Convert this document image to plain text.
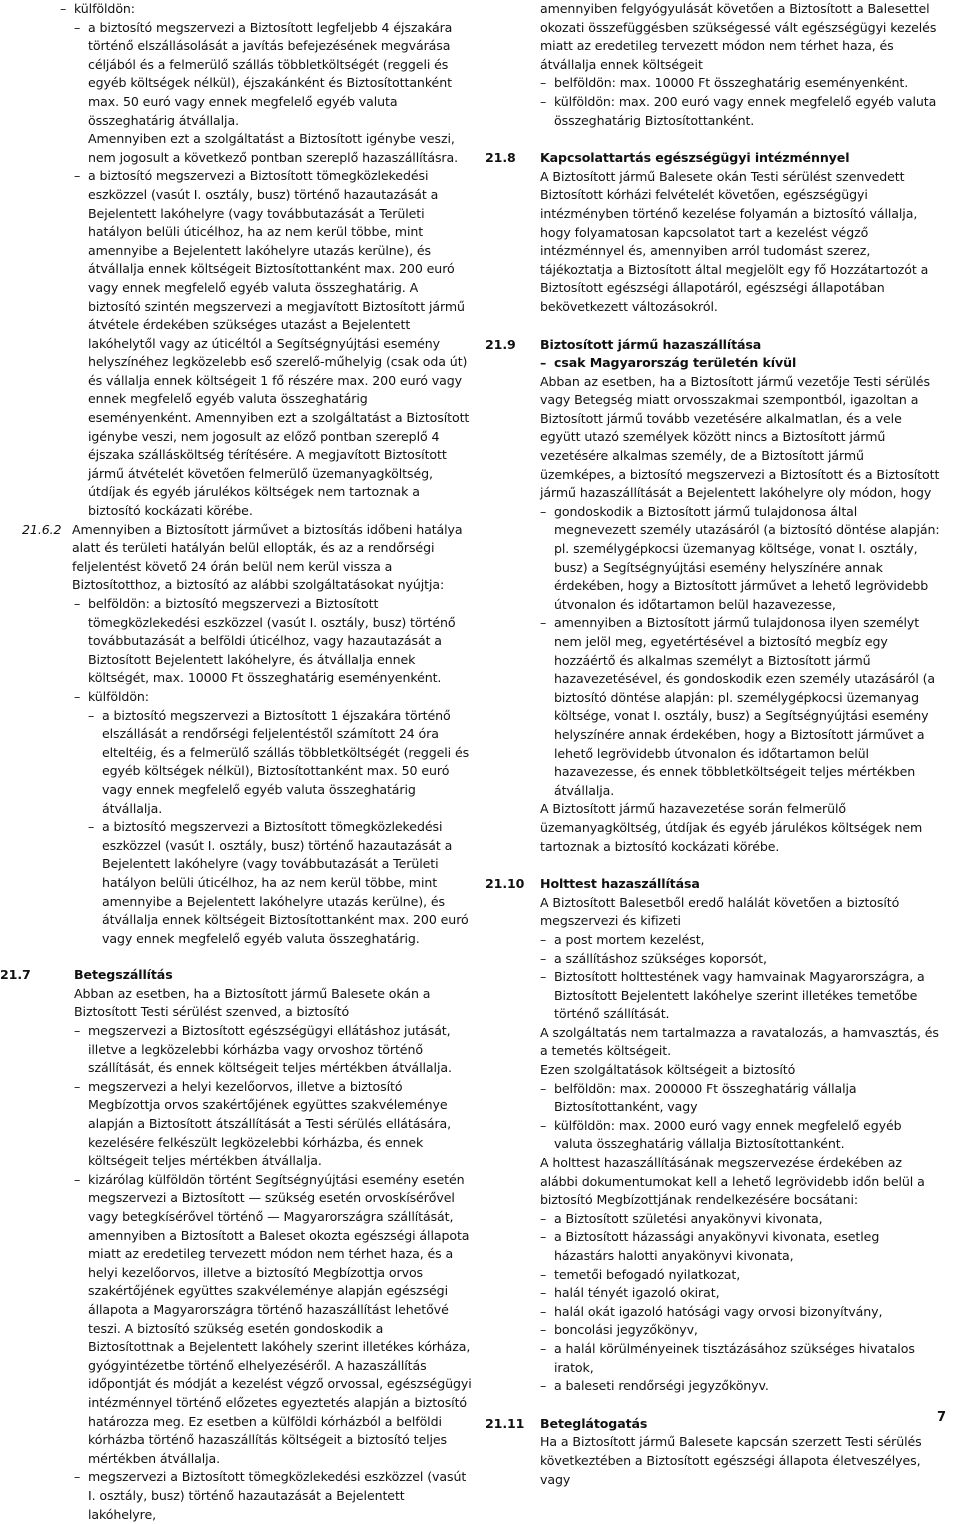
– külföldön:

– a biztosító megszervezi a Biztosított legfeljebb 4 éjszakára történő elszállásolását a javítás befejezésének megvárása céljából és a felmerülő szállás többletköltségét (reggeli és egyéb költségek nélkül), éjszakánként és Biztosítottanként max. 50 euró vagy ennek megfelelő egyéb valuta összeghatárig átvállalja.

Amennyiben ezt a szolgáltatást a Biztosított igénybe veszi, nem jogosult a következő pontban szereplő hazaszállításra.

– a biztosító megszervezi a Biztosított tömegközlekedési eszközzel (vasút I. osztály, busz) történő hazautazását a Bejelentett lakóhelyre (vagy továbbutazását a Területi hatályon belüli úticélhoz, ha az nem kerül többe, mint amennyibe a Bejelentett lakóhelyre utazás kerülne), és átvállalja ennek költségeit Biztosítottanként max. 200 euró vagy ennek megfelelő egyéb valuta összeghatárig. A biztosító szintén megszervezi a megjavított Biztosított jármű átvétele érdekében szükséges utazást a Bejelentett lakóhelytől vagy az úticéltól a Segítségnyújtási esemény helyszínéhez legközelebb eső szerelő-műhelyig (csak oda út) és vállalja ennek költségeit 1 fő részére max. 200 euró vagy ennek megfelelő egyéb valuta összeghatárig eseményenként. Amennyiben ezt a szolgáltatást a Biztosított igénybe veszi, nem jogosult az előző pontban szereplő 4 éjszaka szállásköltség térítésére. A megjavított Biztosított jármű átvételét követően felmerülő üzemanyagköltség, útdíjak és egyéb járulékos költségek nem tartoznak a biztosító kockázati körébe.

21.6.2 Amennyiben a Biztosított járművet a biztosítás időbeni hatálya alatt és területi hatályán belül ellopták, és az a rendőrségi feljelentést követő 24 órán belül nem kerül vissza a Biztosítotthoz, a biztosító az alábbi szolgáltatásokat nyújtja:

– belföldön: a biztosító megszervezi a Biztosított tömegközlekedési eszközzel (vasút I. osztály, busz) történő továbbutazását a belföldi úticélhoz, vagy hazautazását a Biztosított Bejelentett lakóhelyre, és átvállalja ennek költségét, max. 10000 Ft összeghatárig eseményenként.

– külföldön:

– a biztosító megszervezi a Biztosított 1 éjszakára történő elszállását a rendőrségi feljelentéstől számított 24 óra elteltéig, és a felmerülő szállás többletköltségét (reggeli és egyéb költségek nélkül), Biztosítottanként max. 50 euró vagy ennek megfelelő egyéb valuta összeghatárig átvállalja.

– a biztosító megszervezi a Biztosított tömegközlekedési eszközzel (vasút I. osztály, busz) történő hazautazását a Bejelentett lakóhelyre (vagy továbbutazását a Területi hatályon belüli úticélhoz, ha az nem kerül többe, mint amennyibe a Bejelentett lakóhelyre utazás kerülne), és átvállalja ennek költségeit Biztosítottanként max. 200 euró vagy ennek megfelelő egyéb valuta összeghatárig.

21.7	Betegszállítás

Abban az esetben, ha a Biztosított jármű Balesete okán a Biztosított Testi sérülést szenved, a biztosító

– megszervezi a Biztosított egészségügyi ellátáshoz jutását, illetve a legközelebbi kórházba vagy orvoshoz történő szállítását, és ennek költségeit teljes mértékben átvállalja.

– megszervezi a helyi kezelőorvos, illetve a biztosító Megbízottja orvos szakértőjének együttes szakvéleménye alapján a Biztosított átszállítását a Testi sérülés ellátására, kezelésére felkészült legközelebbi kórházba, és ennek költségeit teljes mértékben átvállalja.

– kizárólag külföldön történt Segítségnyújtási esemény esetén megszervezi a Biztosított — szükség esetén orvoskísérővel vagy betegkísérővel történő — Magyarországra szállítását, amennyiben a Biztosított a Baleset okozta egészségi állapota miatt az eredetileg tervezett módon nem térhet haza, és a helyi kezelőorvos, illetve a biztosító Megbízottja orvos szakértőjének együttes szakvéleménye alapján egészségi állapota a Magyarországra történő hazaszállítást lehetővé teszi. A biztosító szükség esetén gondoskodik a Biztosítottnak a Bejelentett lakóhely szerint illetékes kórháza, gyógyintézetbe történő elhelyezéséről. A hazaszállítás időpontját és módját a kezelést végző orvossal, egészségügyi intézménnyel történő előzetes egyeztetés alapján a biztosító határozza meg. Ez esetben a külföldi kórházból a belföldi kórházba történő hazaszállítás költségeit a biztosító teljes mértékben átvállalja.

– megszervezi a Biztosított tömegközlekedési eszközzel (vasút I. osztály, busz) történő hazautazását a Bejelentett lakóhelyre,

amennyiben felgyógyulását követően a Biztosított a Balesettel okozati összefüggésben szükségessé vált egészségügyi kezelés miatt az eredetileg tervezett módon nem térhet haza, és átvállalja ennek költségeit

– belföldön: max. 10000 Ft összeghatárig eseményenként.

– külföldön: max. 200 euró vagy ennek megfelelő egyéb valuta összeghatárig Biztosítottanként.

21.8 Kapcsolattartás egészségügyi intézménnyel

A Biztosított jármű Balesete okán Testi sérülést szenvedett Biztosított kórházi felvételét követően, egészségügyi intézményben történő kezelése folyamán a biztosító vállalja, hogy folyamatosan kapcsolatot tart a kezelést végző intézménnyel és, amennyiben arról tudomást szerez, tájékoztatja a Biztosított által megjelölt egy fő Hozzátartozót a Biztosított egészségi állapotáról, egészségi állapotában bekövetkezett változásokról.

21.9 Biztosított jármű hazaszállítása

– csak Magyarország területén kívül

Abban az esetben, ha a Biztosított jármű vezetője Testi sérülés vagy Betegség miatt orvosszakmai szempontból, igazoltan a Biztosított jármű tovább vezetésére alkalmatlan, és a vele együtt utazó személyek között nincs a Biztosított jármű vezetésére alkalmas személy, de a Biztosított jármű üzemképes, a biztosító megszervezi a Biztosított és a Biztosított jármű hazaszállítását a Bejelentett lakóhelyre oly módon, hogy

– gondoskodik a Biztosított jármű tulajdonosa által megnevezett személy utazásáról (a biztosító döntése alapján: pl. személygépkocsi üzemanyag költsége, vonat I. osztály, busz) a Segítségnyújtási esemény helyszínére annak érdekében, hogy a Biztosított járművet a lehető legrövidebb útvonalon és időtartamon belül hazavezesse,

– amennyiben a Biztosított jármű tulajdonosa ilyen személyt nem jelöl meg, egyetértésével a biztosító megbíz egy hozzáértő és alkalmas személyt a Biztosított jármű hazavezetésével, és gondoskodik ezen személy utazásáról (a biztosító döntése alapján: pl. személygépkocsi üzemanyag költsége, vonat I. osztály, busz) a Segítségnyújtási esemény helyszínére annak érdekében, hogy a Biztosított járművet a lehető legrövidebb útvonalon és időtartamon belül hazavezesse, és ennek többletköltségeit teljes mértékben átvállalja.

A Biztosított jármű hazavezetése során felmerülő üzemanyagköltség, útdíjak és egyéb járulékos költségek nem tartoznak a biztosító kockázati körébe.

21.10 Holttest hazaszállítása

A Biztosított Balesetből eredő halálát követően a biztosító megszervezi és kifizeti

– a post mortem kezelést,

– a szállításhoz szükséges koporsót,

– Biztosított holttestének vagy hamvainak Magyarországra, a Biztosított Bejelentett lakóhelye szerint illetékes temetőbe történő szállítását.

A szolgáltatás nem tartalmazza a ravatalozás, a hamvasztás, és a temetés költségeit.

Ezen szolgáltatások költségeit a biztosító

– belföldön: max. 200000 Ft összeghatárig vállalja Biztosítottanként, vagy

– külföldön: max. 2000 euró vagy ennek megfelelő egyéb valuta összeghatárig vállalja Biztosítottanként.

A holttest hazaszállításának megszervezése érdekében az alábbi dokumentumokat kell a lehető legrövidebb időn belül a biztosító Megbízottjának rendelkezésére bocsátani:

– a Biztosított születési anyakönyvi kivonata,

– a Biztosított házassági anyakönyvi kivonata, esetleg házastárs halotti anyakönyvi kivonata,

– temetői befogadó nyilatkozat,

– halál tényét igazoló okirat,

– halál okát igazoló hatósági vagy orvosi bizonyítvány,

– boncolási jegyzőkönyv,

– a halál körülményeinek tisztázásához szükséges hivatalos iratok,

– a baleseti rendőrségi jegyzőkönyv.

21.11 Beteglátogatás

Ha a Biztosított jármű Balesete kapcsán szerzett Testi sérülés következtében a Biztosított egészségi állapota életveszélyes, vagy

7
